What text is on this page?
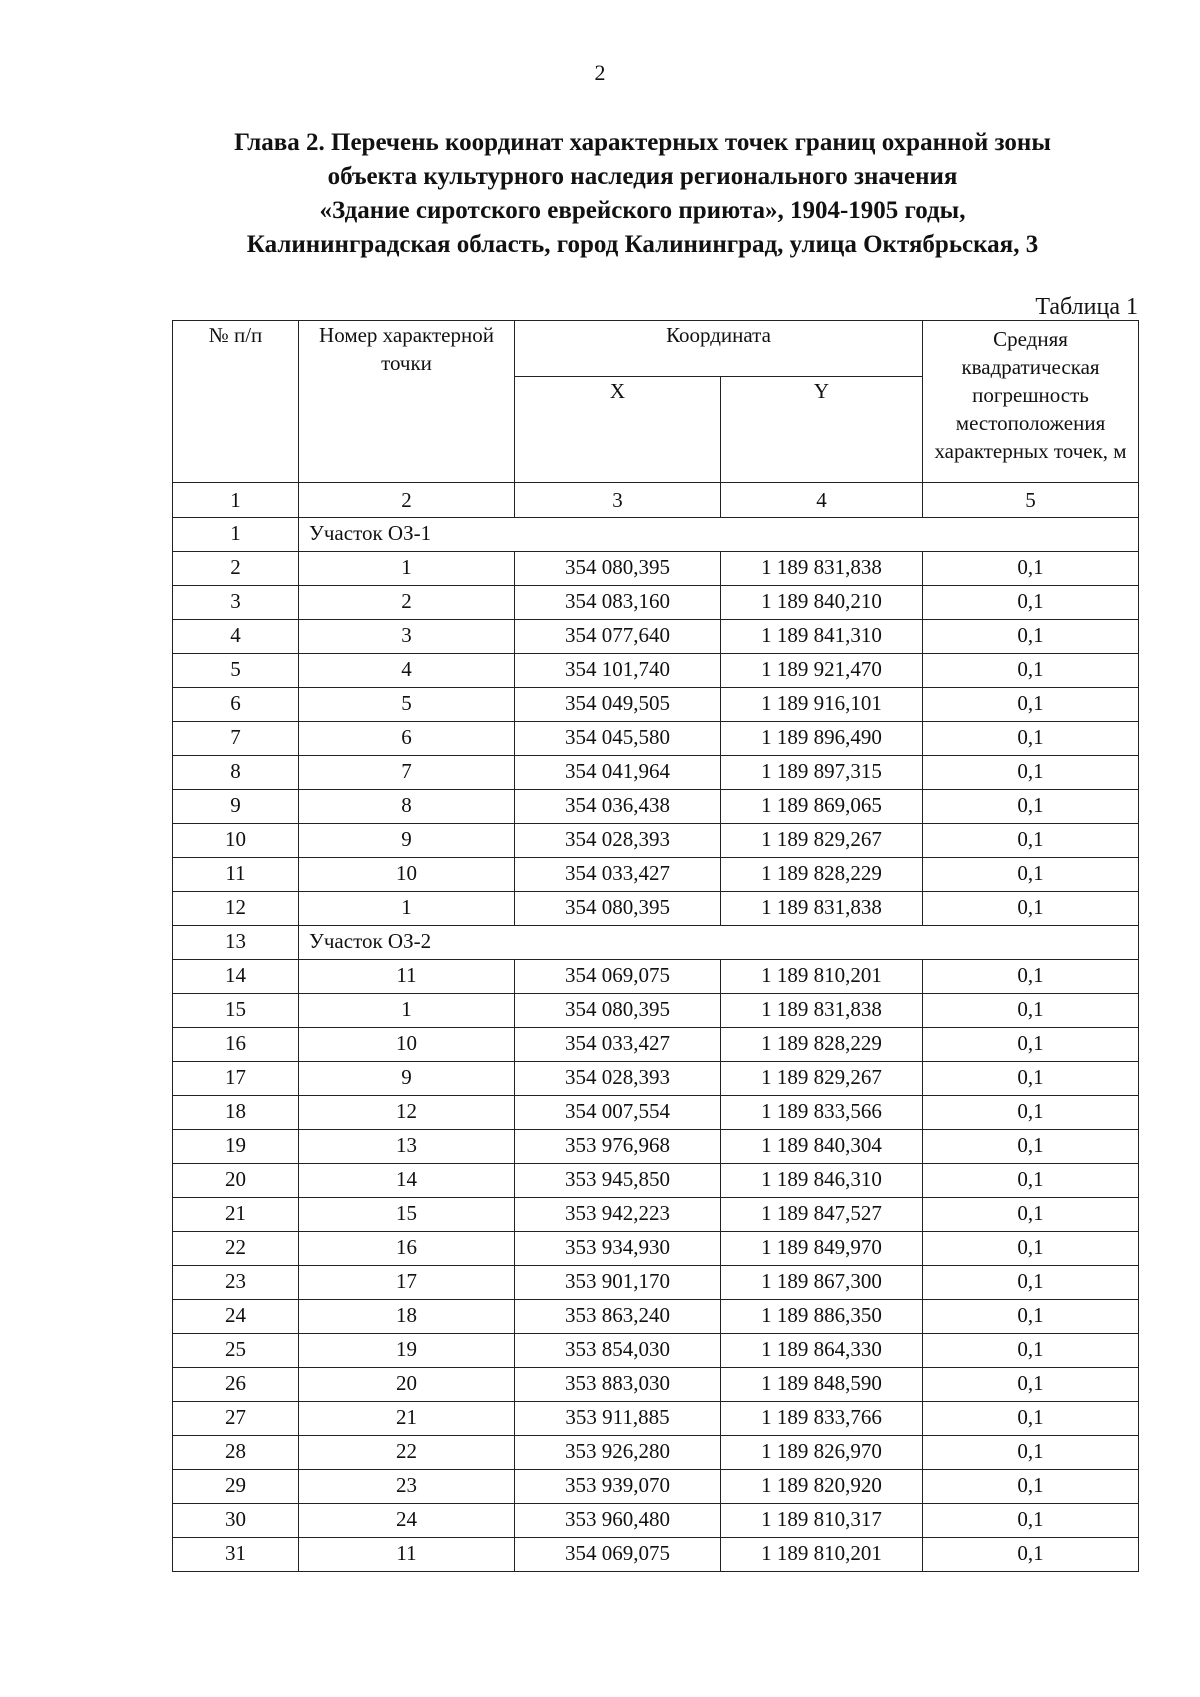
2
Глава 2. Перечень координат характерных точек границ охранной зоны
объекта культурного наследия регионального значения
«Здание сиротского еврейского приюта», 1904-1905 годы,
Калининградская область, город Калининград, улица Октябрьская, 3
Таблица 1
№ п/п	Номер характерной точки	Координата		Средняя квадратическая погрешность местоположения характерных точек, м
		X	Y	
1	2	3	4	5
1	Участок ОЗ-1			
2	1	354 080,395	1 189 831,838	0,1
3	2	354 083,160	1 189 840,210	0,1
4	3	354 077,640	1 189 841,310	0,1
5	4	354 101,740	1 189 921,470	0,1
6	5	354 049,505	1 189 916,101	0,1
7	6	354 045,580	1 189 896,490	0,1
8	7	354 041,964	1 189 897,315	0,1
9	8	354 036,438	1 189 869,065	0,1
10	9	354 028,393	1 189 829,267	0,1
11	10	354 033,427	1 189 828,229	0,1
12	1	354 080,395	1 189 831,838	0,1
13	Участок ОЗ-2			
14	11	354 069,075	1 189 810,201	0,1
15	1	354 080,395	1 189 831,838	0,1
16	10	354 033,427	1 189 828,229	0,1
17	9	354 028,393	1 189 829,267	0,1
18	12	354 007,554	1 189 833,566	0,1
19	13	353 976,968	1 189 840,304	0,1
20	14	353 945,850	1 189 846,310	0,1
21	15	353 942,223	1 189 847,527	0,1
22	16	353 934,930	1 189 849,970	0,1
23	17	353 901,170	1 189 867,300	0,1
24	18	353 863,240	1 189 886,350	0,1
25	19	353 854,030	1 189 864,330	0,1
26	20	353 883,030	1 189 848,590	0,1
27	21	353 911,885	1 189 833,766	0,1
28	22	353 926,280	1 189 826,970	0,1
29	23	353 939,070	1 189 820,920	0,1
30	24	353 960,480	1 189 810,317	0,1
31	11	354 069,075	1 189 810,201	0,1
